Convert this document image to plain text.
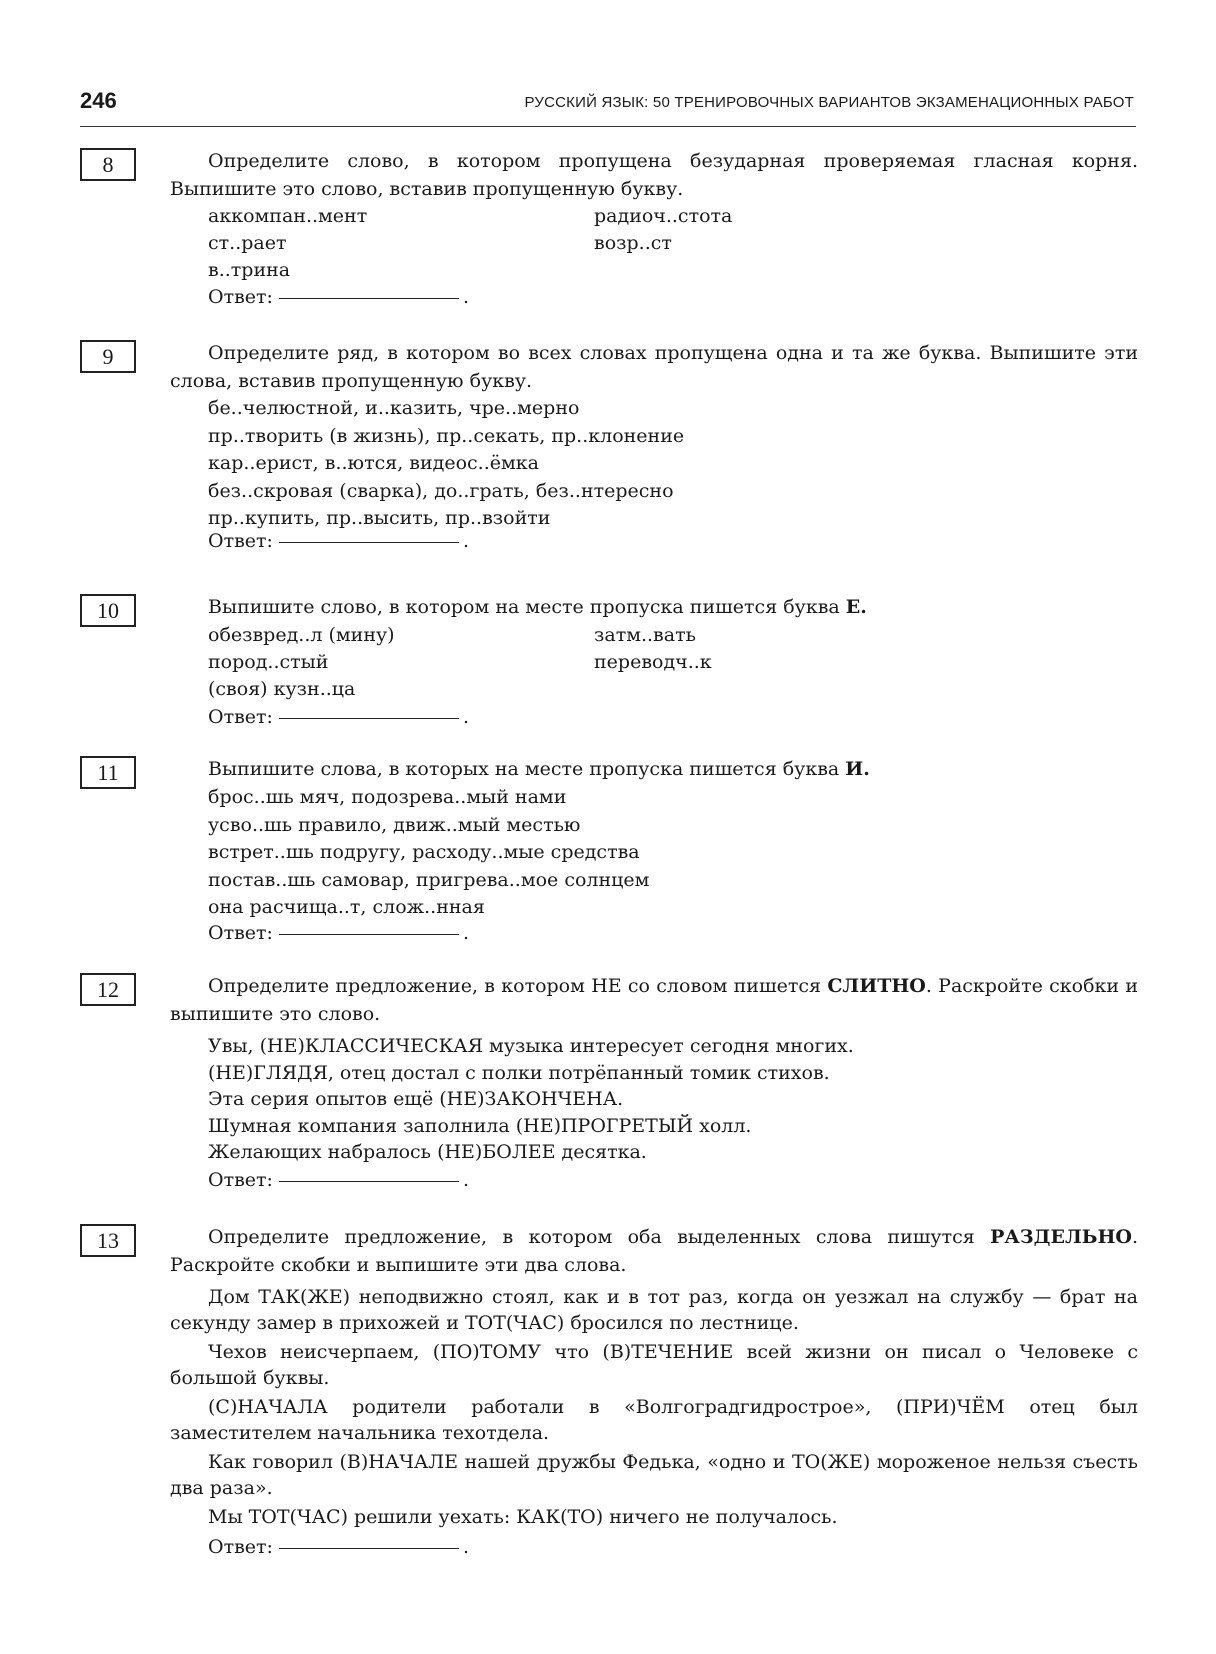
246	РУССКИЙ ЯЗЫК: 50 ТРЕНИРОВОЧНЫХ ВАРИАНТОВ ЭКЗАМЕНАЦИОННЫХ РАБОТ
8	Определите слово, в котором пропущена безударная проверяемая гласная корня. Выпишите это слово, вставив пропущенную букву.

аккомпан..мент	радиоч..стота
ст..рает	возр..ст
в..трина
Ответ:	.
9	Определите ряд, в котором во всех словах пропущена одна и та же буква. Выпишите эти слова, вставив пропущенную букву.

бе..челюстной, и..казить, чре..мерно
пр..творить (в жизнь), пр..секать, пр..клонение
кар..ерист, в..ются, видеос..ёмка
без..скровая (сварка), до..грать, без..нтересно
пр..купить, пр..высить, пр..взойти
Ответ:	.
10	Выпишите слово, в котором на месте пропуска пишется буква Е.

обезвред..л (мину)	затм..вать
пород..стый	переводч..к
(своя) кузн..ца
Ответ:	.
11	Выпишите слова, в которых на месте пропуска пишется буква И.

брос..шь мяч, подозрева..мый нами
усво..шь правило, движ..мый местью
встрет..шь подругу, расходу..мые средства
постав..шь самовар, пригрева..мое солнцем
она расчища..т, слож..нная
Ответ:	.
12	Определите предложение, в котором НЕ со словом пишется СЛИТНО. Раскройте скобки и выпишите это слово.

Увы, (НЕ)КЛАССИЧЕСКАЯ музыка интересует сегодня многих.
(НЕ)ГЛЯДЯ, отец достал с полки потрёпанный томик стихов.
Эта серия опытов ещё (НЕ)ЗАКОНЧЕНА.
Шумная компания заполнила (НЕ)ПРОГРЕТЫЙ холл.
Желающих набралось (НЕ)БОЛЕЕ десятка.
Ответ:	.
13	Определите предложение, в котором оба выделенных слова пишутся РАЗДЕЛЬНО. Раскройте скобки и выпишите эти два слова.

Дом ТАК(ЖЕ) неподвижно стоял, как и в тот раз, когда он уезжал на службу — брат на секунду замер в прихожей и ТОТ(ЧАС) бросился по лестнице.

Чехов неисчерпаем, (ПО)ТОМУ что (В)ТЕЧЕНИЕ всей жизни он писал о Человеке с большой буквы.

(С)НАЧАЛА родители работали в «Волгоградгидрострое», (ПРИ)ЧЁМ отец был заместителем начальника техотдела.

Как говорил (В)НАЧАЛЕ нашей дружбы Федька, «одно и ТО(ЖЕ) мороженое нельзя съесть два раза».

Мы ТОТ(ЧАС) решили уехать: КАК(ТО) ничего не получалось.

Ответ:	.
